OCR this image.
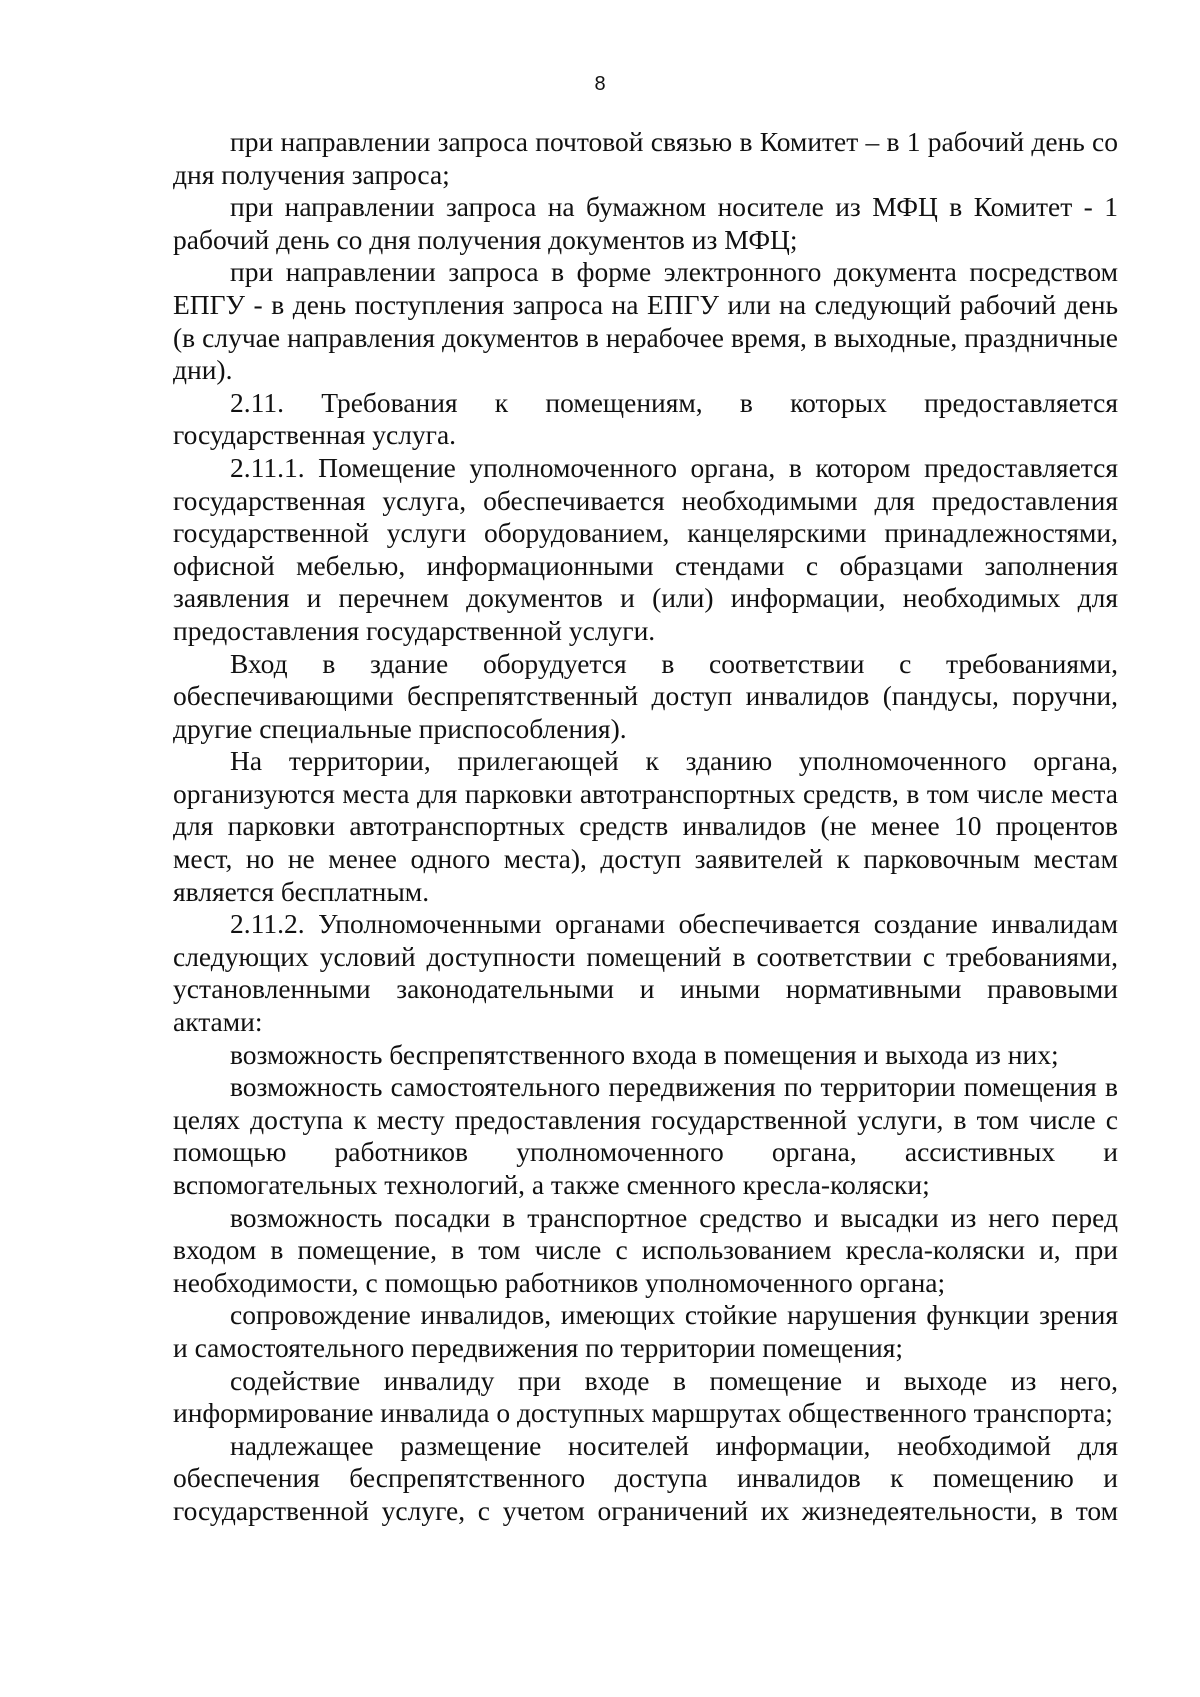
8

при направлении запроса почтовой связью в Комитет – в 1 рабочий день со дня получения запроса;

при направлении запроса на бумажном носителе из МФЦ в Комитет - 1 рабочий день со дня получения документов из МФЦ;

при направлении запроса в форме электронного документа посредством ЕПГУ - в день поступления запроса на ЕПГУ или на следующий рабочий день (в случае направления документов в нерабочее время, в выходные, праздничные дни).

2.11. Требования к помещениям, в которых предоставляется государственная услуга.

2.11.1. Помещение уполномоченного органа, в котором предоставляется государственная услуга, обеспечивается необходимыми для предоставления государственной услуги оборудованием, канцелярскими принадлежностями, офисной мебелью, информационными стендами с образцами заполнения заявления и перечнем документов и (или) информации, необходимых для предоставления государственной услуги.

Вход в здание оборудуется в соответствии с требованиями, обеспечивающими беспрепятственный доступ инвалидов (пандусы, поручни, другие специальные приспособления).

На территории, прилегающей к зданию уполномоченного органа, организуются места для парковки автотранспортных средств, в том числе места для парковки автотранспортных средств инвалидов (не менее 10 процентов мест, но не менее одного места), доступ заявителей к парковочным местам является бесплатным.

2.11.2. Уполномоченными органами обеспечивается создание инвалидам следующих условий доступности помещений в соответствии с требованиями, установленными законодательными и иными нормативными правовыми актами:

возможность беспрепятственного входа в помещения и выхода из них;

возможность самостоятельного передвижения по территории помещения в целях доступа к месту предоставления государственной услуги, в том числе с помощью работников уполномоченного органа, ассистивных и вспомогательных технологий, а также сменного кресла-коляски;

возможность посадки в транспортное средство и высадки из него перед входом в помещение, в том числе с использованием кресла-коляски и, при необходимости, с помощью работников уполномоченного органа;

сопровождение инвалидов, имеющих стойкие нарушения функции зрения и самостоятельного передвижения по территории помещения;

содействие инвалиду при входе в помещение и выходе из него, информирование инвалида о доступных маршрутах общественного транспорта;

надлежащее размещение носителей информации, необходимой для обеспечения беспрепятственного доступа инвалидов к помещению и государственной услуге, с учетом ограничений их жизнедеятельности, в том
